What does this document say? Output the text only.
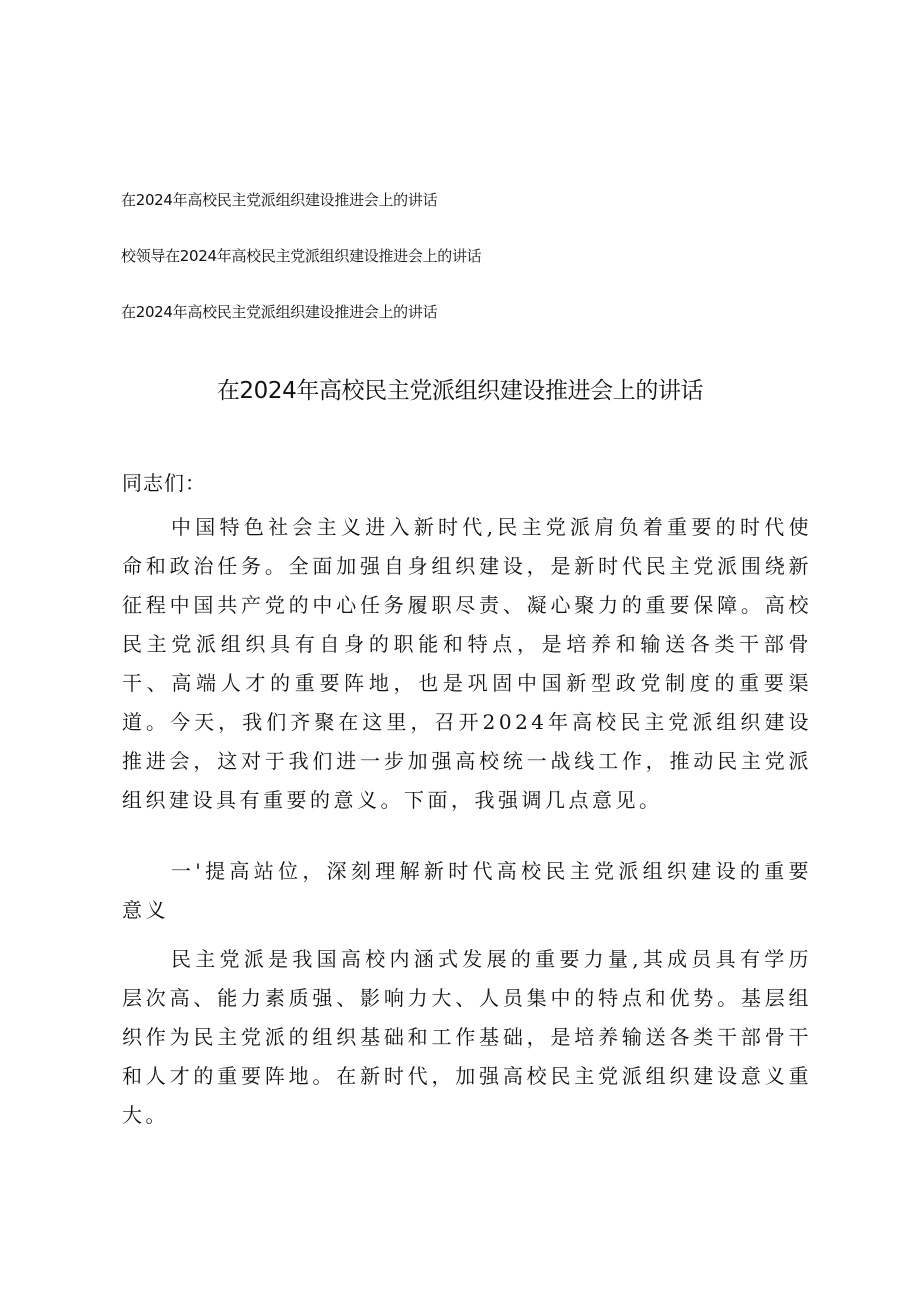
在2024年高校民主党派组织建设推进会上的讲话
校领导在2024年高校民主党派组织建设推进会上的讲话
在2024年高校民主党派组织建设推进会上的讲话
在2024年高校民主党派组织建设推进会上的讲话
同志们：
中国特色社会主义进入新时代,民主党派肩负着重要的时代使命和政治任务。全面加强自身组织建设，是新时代民主党派围绕新征程中国共产党的中心任务履职尽责、凝心聚力的重要保障。高校民主党派组织具有自身的职能和特点，是培养和输送各类干部骨干、高端人才的重要阵地，也是巩固中国新型政党制度的重要渠道。今天，我们齐聚在这里，召开2024年高校民主党派组织建设推进会，这对于我们进一步加强高校统一战线工作，推动民主党派组织建设具有重要的意义。下面，我强调几点意见。
一'提高站位，深刻理解新时代高校民主党派组织建设的重要意义
民主党派是我国高校内涵式发展的重要力量,其成员具有学历层次高、能力素质强、影响力大、人员集中的特点和优势。基层组织作为民主党派的组织基础和工作基础，是培养输送各类干部骨干和人才的重要阵地。在新时代，加强高校民主党派组织建设意义重大。
